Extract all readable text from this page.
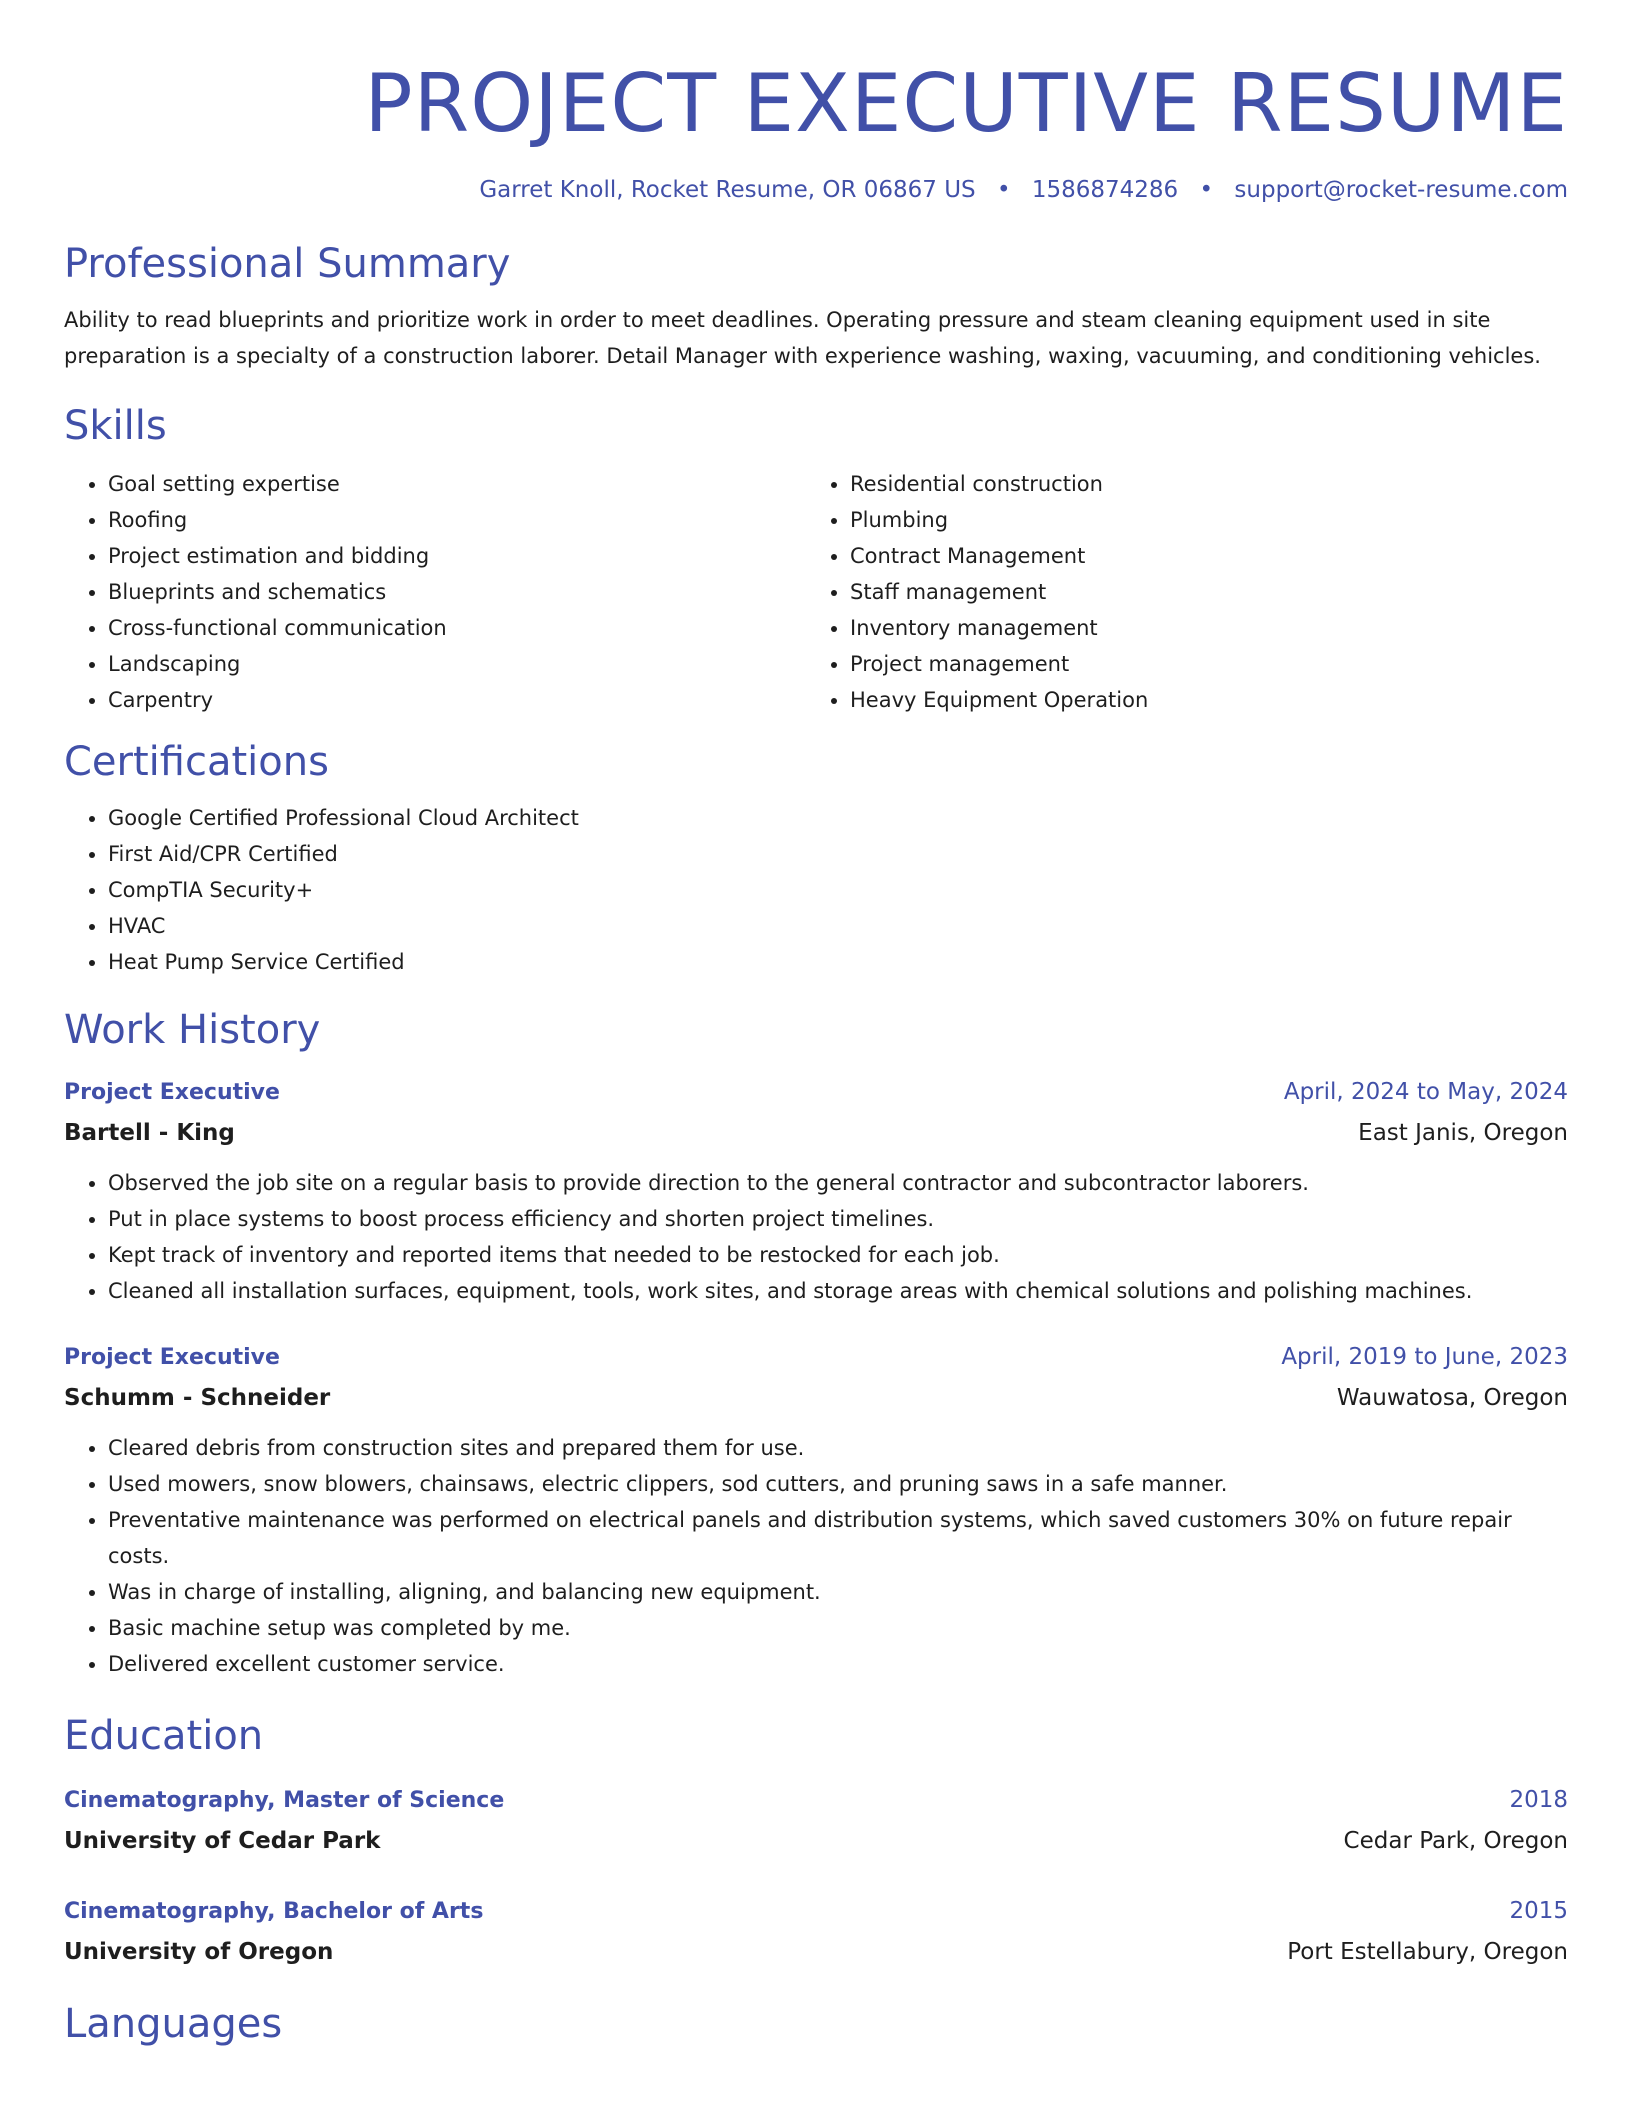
PROJECT EXECUTIVE RESUME
Garret Knoll, Rocket Resume, OR 06867 US • 1586874286 • support@rocket-resume.com
Professional Summary
Ability to read blueprints and prioritize work in order to meet deadlines. Operating pressure and steam cleaning equipment used in site preparation is a specialty of a construction laborer. Detail Manager with experience washing, waxing, vacuuming, and conditioning vehicles.
Skills
• Goal setting expertise
• Roofing
• Project estimation and bidding
• Blueprints and schematics
• Cross-functional communication
• Landscaping
• Carpentry
• Residential construction
• Plumbing
• Contract Management
• Staff management
• Inventory management
• Project management
• Heavy Equipment Operation
Certifications
• Google Certified Professional Cloud Architect
• First Aid/CPR Certified
• CompTIA Security+
• HVAC
• Heat Pump Service Certified
Work History
Project Executive	April, 2024 to May, 2024
Bartell - King	East Janis, Oregon
• Observed the job site on a regular basis to provide direction to the general contractor and subcontractor laborers.
• Put in place systems to boost process efficiency and shorten project timelines.
• Kept track of inventory and reported items that needed to be restocked for each job.
• Cleaned all installation surfaces, equipment, tools, work sites, and storage areas with chemical solutions and polishing machines.
Project Executive	April, 2019 to June, 2023
Schumm - Schneider	Wauwatosa, Oregon
• Cleared debris from construction sites and prepared them for use.
• Used mowers, snow blowers, chainsaws, electric clippers, sod cutters, and pruning saws in a safe manner.
• Preventative maintenance was performed on electrical panels and distribution systems, which saved customers 30% on future repair costs.
• Was in charge of installing, aligning, and balancing new equipment.
• Basic machine setup was completed by me.
• Delivered excellent customer service.
Education
Cinematography, Master of Science	2018
University of Cedar Park	Cedar Park, Oregon
Cinematography, Bachelor of Arts	2015
University of Oregon	Port Estellabury, Oregon
Languages
